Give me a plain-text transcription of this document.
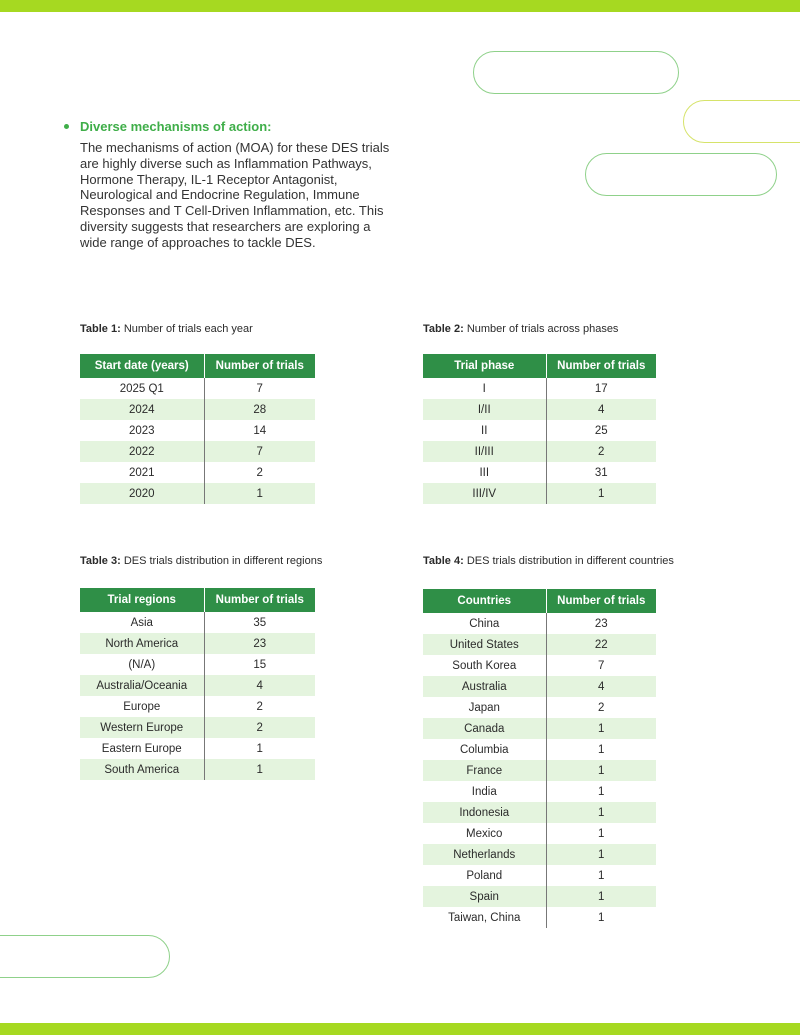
Diverse mechanisms of action:
The mechanisms of action (MOA) for these DES trials are highly diverse such as Inflammation Pathways, Hormone Therapy, IL-1 Receptor Antagonist, Neurological and Endocrine Regulation, Immune Responses and T Cell-Driven Inflammation, etc. This diversity suggests that researchers are exploring a wide range of approaches to tackle DES.
Table 1: Number of trials each year
Start date (years)	Number of trials
2025 Q1	7
2024	28
2023	14
2022	7
2021	2
2020	1
Table 2: Number of trials across phases
Trial phase	Number of trials
I	17
I/II	4
II	25
II/III	2
III	31
III/IV	1
Table 3: DES trials distribution in different regions
Trial regions	Number of trials
Asia	35
North America	23
(N/A)	15
Australia/Oceania	4
Europe	2
Western Europe	2
Eastern Europe	1
South America	1
Table 4: DES trials distribution in different countries
Countries	Number of trials
China	23
United States	22
South Korea	7
Australia	4
Japan	2
Canada	1
Columbia	1
France	1
India	1
Indonesia	1
Mexico	1
Netherlands	1
Poland	1
Spain	1
Taiwan, China	1
